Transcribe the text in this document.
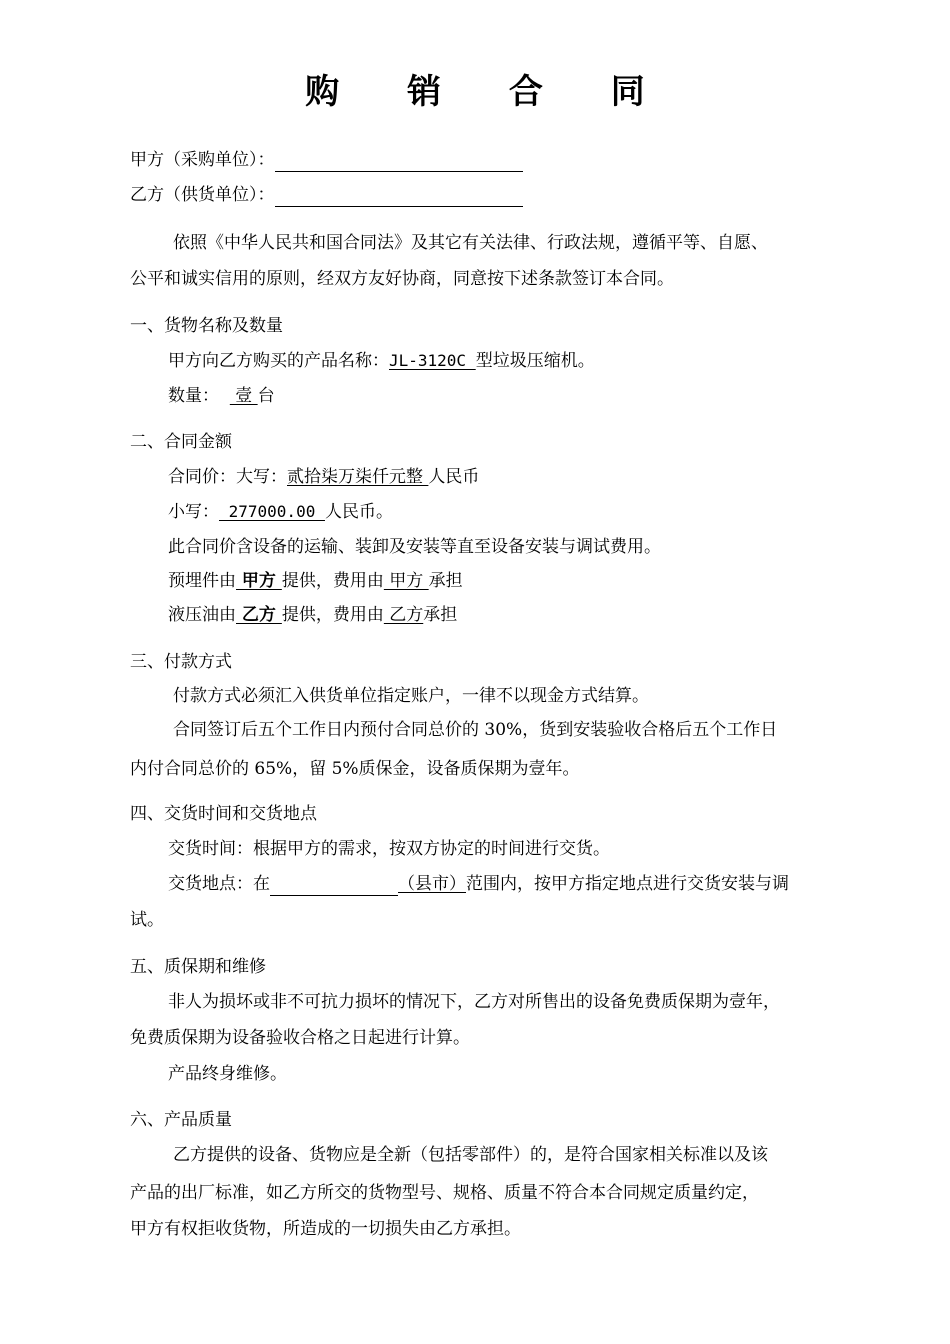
购 销 合 同
甲方（采购单位）：
乙方（供货单位）：
依照《中华人民共和国合同法》及其它有关法律、行政法规，遵循平等、自愿、
公平和诚实信用的原则，经双方友好协商，同意按下述条款签订本合同。
一、货物名称及数量
甲方向乙方购买的产品名称：JL-3120C 型垃圾压缩机。
数量：   壹 台
二、合同金额
合同价：大写：贰拾柒万柒仟元整 人民币
小写： 277000.00 人民币。
此合同价含设备的运输、装卸及安装等直至设备安装与调试费用。
预埋件由 甲方 提供，费用由 甲方 承担
液压油由 乙方 提供，费用由 乙方承担
三、付款方式
付款方式必须汇入供货单位指定账户，一律不以现金方式结算。
合同签订后五个工作日内预付合同总价的 30%，货到安装验收合格后五个工作日
内付合同总价的 65%，留 5%质保金，设备质保期为壹年。
四、交货时间和交货地点
交货时间：根据甲方的需求，按双方协定的时间进行交货。
交货地点：在	（县市）范围内，按甲方指定地点进行交货安装与调
试。
五、质保期和维修
非人为损坏或非不可抗力损坏的情况下，乙方对所售出的设备免费质保期为壹年，
免费质保期为设备验收合格之日起进行计算。
产品终身维修。
六、产品质量
乙方提供的设备、货物应是全新（包括零部件）的，是符合国家相关标准以及该
产品的出厂标准，如乙方所交的货物型号、规格、质量不符合本合同规定质量约定，
甲方有权拒收货物，所造成的一切损失由乙方承担。
